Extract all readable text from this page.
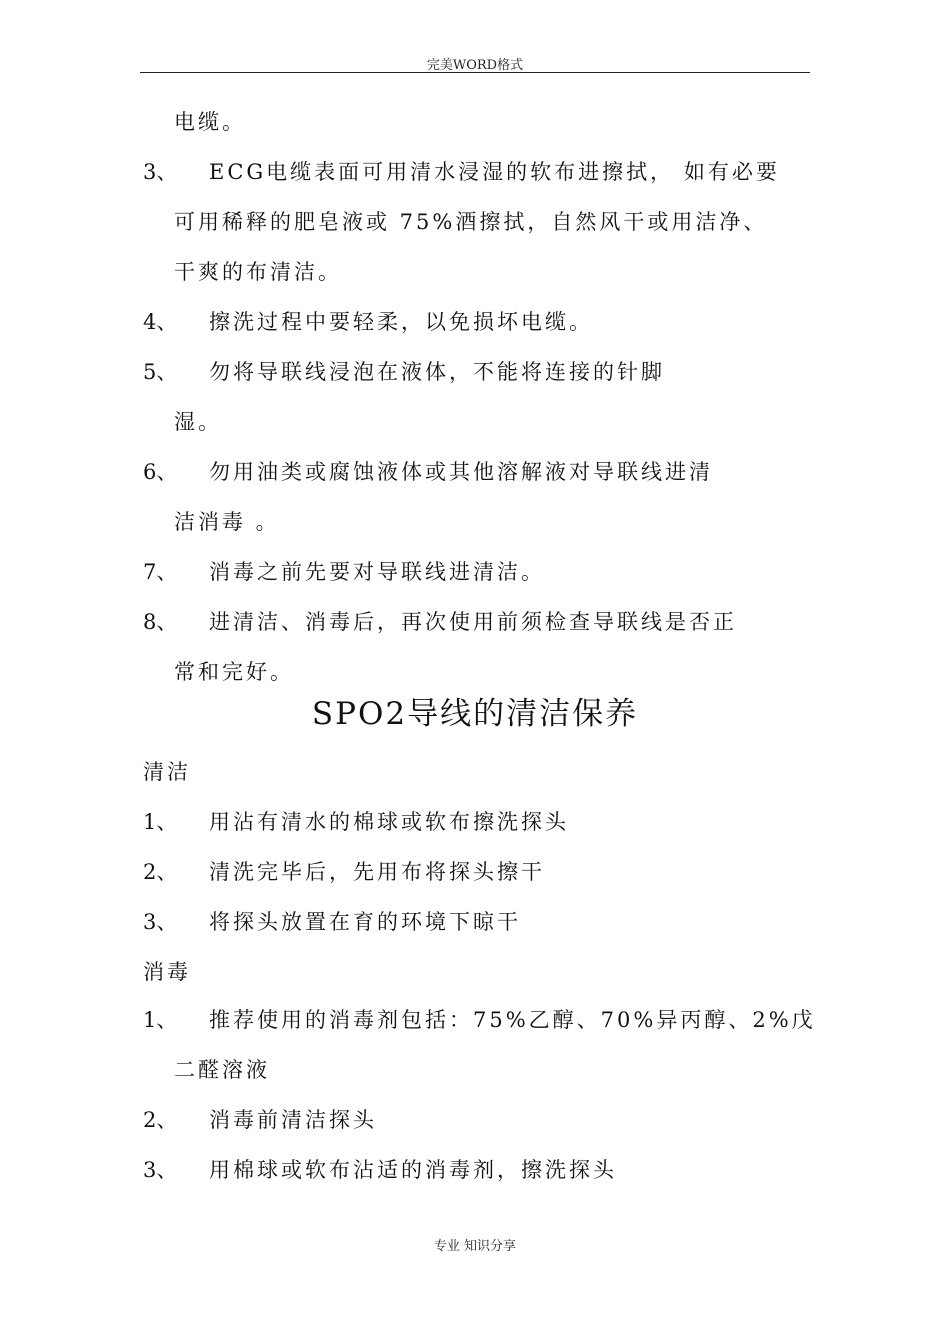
完美WORD格式
电缆。
3、 ECG电缆表面可用清水浸湿的软布进擦拭， 如有必要
可用稀释的肥皂液或 75%酒擦拭，自然风干或用洁净、
干爽的布清洁。
4、 擦洗过程中要轻柔，以免损坏电缆。
5、 勿将导联线浸泡在液体，不能将连接的针脚
湿。
6、 勿用油类或腐蚀液体或其他溶解液对导联线进清
洁消毒 。
7、 消毒之前先要对导联线进清洁。
8、 进清洁、消毒后，再次使用前须检查导联线是否正
常和完好。
SPO2导线的清洁保养
清洁
1、 用沾有清水的棉球或软布擦洗探头
2、 清洗完毕后，先用布将探头擦干
3、 将探头放置在育的环境下晾干
消毒
1、 推荐使用的消毒剂包括：75%乙醇、70%异丙醇、2%戊
二醛溶液
2、 消毒前清洁探头
3、 用棉球或软布沾适的消毒剂，擦洗探头
专业 知识分享
